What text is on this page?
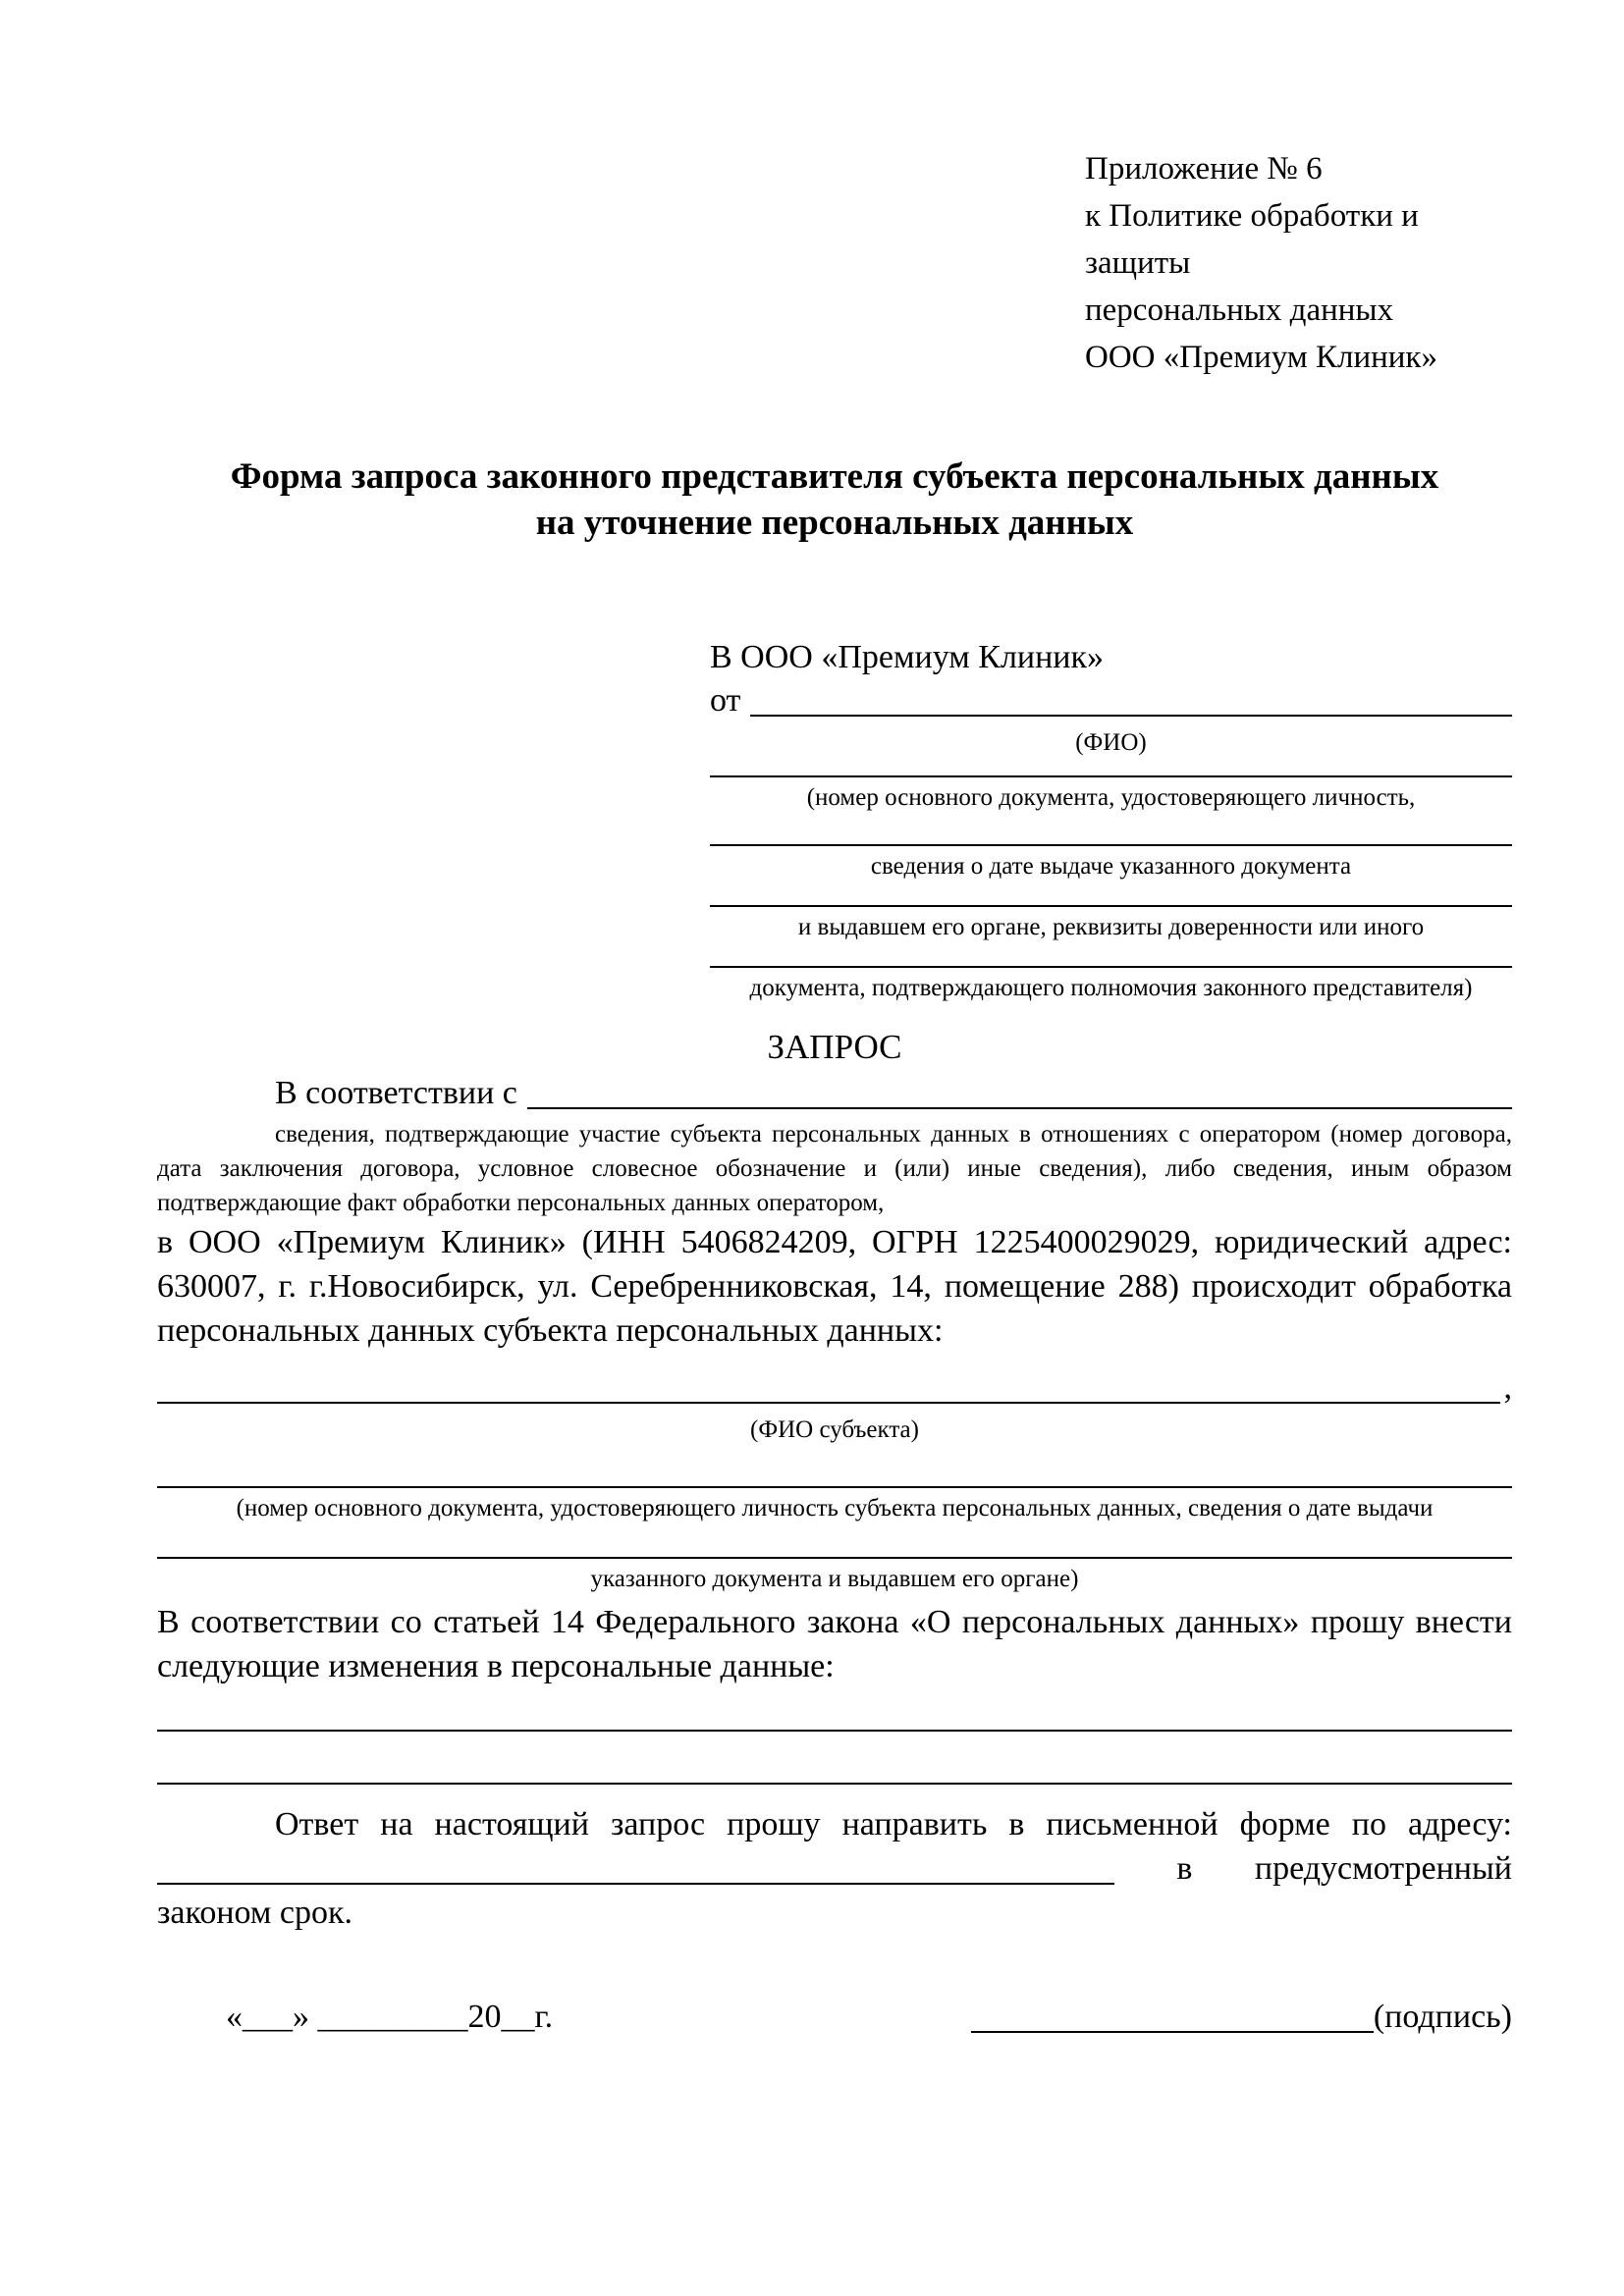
Приложение № 6
к Политике обработки и защиты
персональных данных
ООО «Премиум Клиник»
Форма запроса законного представителя субъекта персональных данных
на уточнение персональных данных
В ООО «Премиум Клиник»
от
(ФИО)
(номер основного документа, удостоверяющего личность,
сведения о дате выдаче указанного документа
и выдавшем его органе, реквизиты доверенности или иного
документа, подтверждающего полномочия законного представителя)
ЗАПРОС
В соответствии с
сведения, подтверждающие участие субъекта персональных данных в отношениях с оператором (номер договора, дата заключения договора, условное словесное обозначение и (или) иные сведения), либо сведения, иным образом подтверждающие факт обработки персональных данных оператором,
в ООО «Премиум Клиник» (ИНН 5406824209, ОГРН 1225400029029, юридический адрес: 630007, г. г.Новосибирск, ул. Серебренниковская, 14, помещение 288) происходит обработка персональных данных субъекта персональных данных:
,
(ФИО субъекта)
(номер основного документа, удостоверяющего личность субъекта персональных данных, сведения о дате выдачи
указанного документа и выдавшем его органе)
В соответствии со статьей 14 Федерального закона «О персональных данных» прошу внести следующие изменения в персональные данные:
Ответ на настоящий запрос прошу направить в письменной форме по адресу:
в предусмотренный
законом срок.
«___» _________20__г.	(подпись)
